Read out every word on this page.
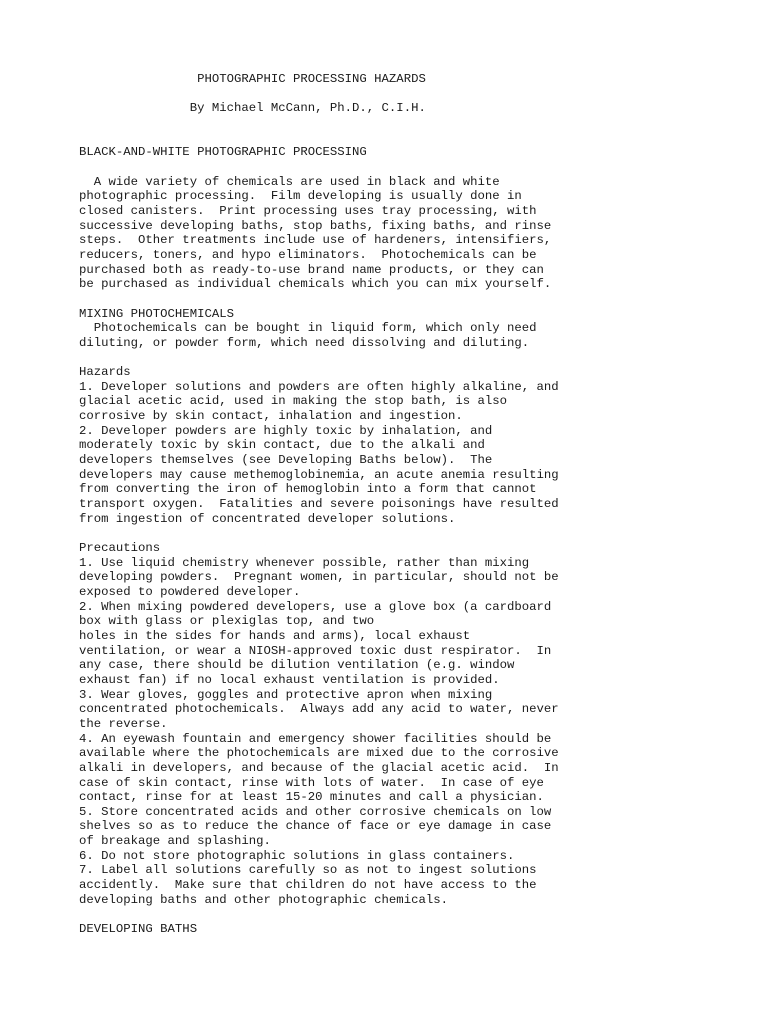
PHOTOGRAPHIC PROCESSING HAZARDS
By Michael McCann, Ph.D., C.I.H.
BLACK-AND-WHITE PHOTOGRAPHIC PROCESSING
A wide variety of chemicals are used in black and white
photographic processing.  Film developing is usually done in
closed canisters.  Print processing uses tray processing, with
successive developing baths, stop baths, fixing baths, and rinse
steps.  Other treatments include use of hardeners, intensifiers,
reducers, toners, and hypo eliminators.  Photochemicals can be
purchased both as ready-to-use brand name products, or they can
be purchased as individual chemicals which you can mix yourself.
MIXING PHOTOCHEMICALS
Photochemicals can be bought in liquid form, which only need
diluting, or powder form, which need dissolving and diluting.
Hazards
1. Developer solutions and powders are often highly alkaline, and
glacial acetic acid, used in making the stop bath, is also
corrosive by skin contact, inhalation and ingestion.
2. Developer powders are highly toxic by inhalation, and
moderately toxic by skin contact, due to the alkali and
developers themselves (see Developing Baths below).  The
developers may cause methemoglobinemia, an acute anemia resulting
from converting the iron of hemoglobin into a form that cannot
transport oxygen.  Fatalities and severe poisonings have resulted
from ingestion of concentrated developer solutions.
Precautions
1. Use liquid chemistry whenever possible, rather than mixing
developing powders.  Pregnant women, in particular, should not be
exposed to powdered developer.
2. When mixing powdered developers, use a glove box (a cardboard
box with glass or plexiglas top, and two
holes in the sides for hands and arms), local exhaust
ventilation, or wear a NIOSH-approved toxic dust respirator.  In
any case, there should be dilution ventilation (e.g. window
exhaust fan) if no local exhaust ventilation is provided.
3. Wear gloves, goggles and protective apron when mixing
concentrated photochemicals.  Always add any acid to water, never
the reverse.
4. An eyewash fountain and emergency shower facilities should be
available where the photochemicals are mixed due to the corrosive
alkali in developers, and because of the glacial acetic acid.  In
case of skin contact, rinse with lots of water.  In case of eye
contact, rinse for at least 15-20 minutes and call a physician.
5. Store concentrated acids and other corrosive chemicals on low
shelves so as to reduce the chance of face or eye damage in case
of breakage and splashing.
6. Do not store photographic solutions in glass containers.
7. Label all solutions carefully so as not to ingest solutions
accidently.  Make sure that children do not have access to the
developing baths and other photographic chemicals.
DEVELOPING BATHS
